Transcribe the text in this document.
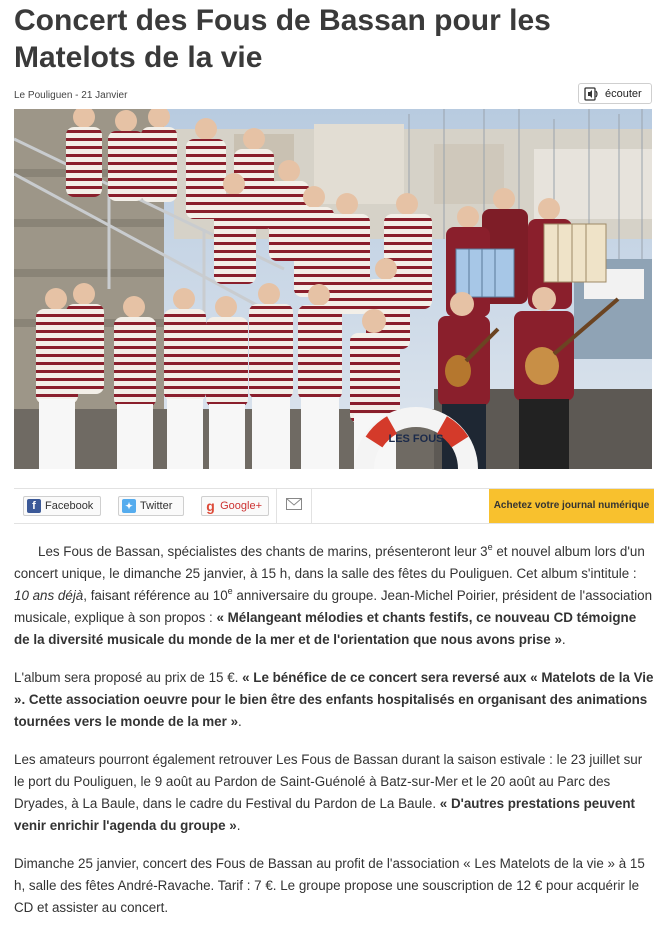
Concert des Fous de Bassan pour les Matelots de la vie
Le Pouliguen - 21 Janvier	écouter
LES FOUS
f Facebook	✦ Twitter g Google+	Achetez votre journal numérique

Les Fous de Bassan, spécialistes des chants de marins, présenteront leur 3e et nouvel album lors d'un concert unique, le dimanche 25 janvier, à 15 h, dans la salle des fêtes du Pouliguen. Cet album s'intitule : 10 ans déjà, faisant référence au 10e anniversaire du groupe. Jean-Michel Poirier, président de l'association musicale, explique à son propos : « Mélangeant mélodies et chants festifs, ce nouveau CD témoigne de la diversité musicale du monde de la mer et de l'orientation que nous avons prise ».

L'album sera proposé au prix de 15 €. « Le bénéfice de ce concert sera reversé aux « Matelots de la Vie ». Cette association oeuvre pour le bien être des enfants hospitalisés en organisant des animations tournées vers le monde de la mer ».

Les amateurs pourront également retrouver Les Fous de Bassan durant la saison estivale : le 23 juillet sur le port du Pouliguen, le 9 août au Pardon de Saint-Guénolé à Batz-sur-Mer et le 20 août au Parc des Dryades, à La Baule, dans le cadre du Festival du Pardon de La Baule. « D'autres prestations peuvent venir enrichir l'agenda du groupe ».

Dimanche 25 janvier, concert des Fous de Bassan au profit de l'association « Les Matelots de la vie » à 15 h, salle des fêtes André-Ravache. Tarif : 7 €. Le groupe propose une souscription de 12 € pour acquérir le CD et assister au concert.
